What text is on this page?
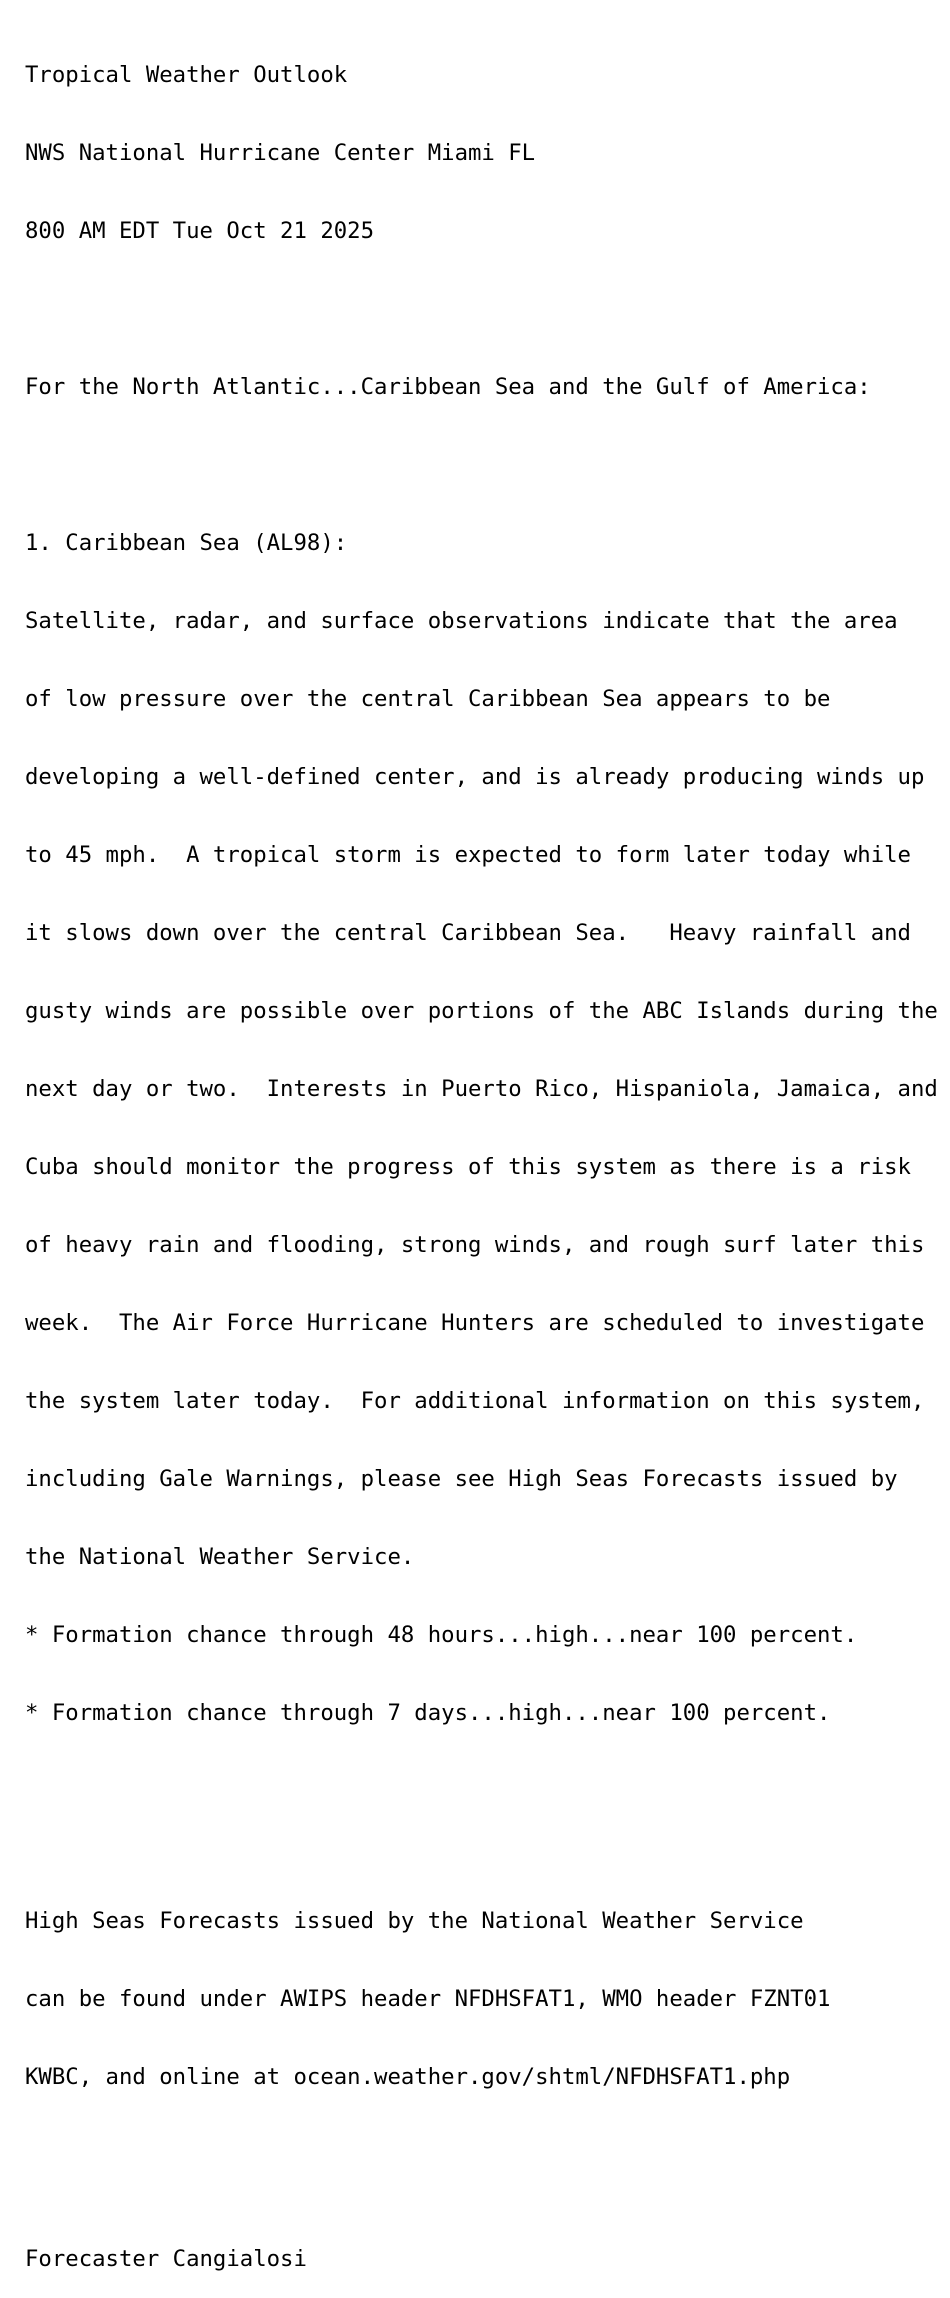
Tropical Weather Outlook

NWS National Hurricane Center Miami FL

800 AM EDT Tue Oct 21 2025

For the North Atlantic...Caribbean Sea and the Gulf of America:

1. Caribbean Sea (AL98):

Satellite, radar, and surface observations indicate that the area

of low pressure over the central Caribbean Sea appears to be

developing a well-defined center, and is already producing winds up

to 45 mph.  A tropical storm is expected to form later today while

it slows down over the central Caribbean Sea.   Heavy rainfall and

gusty winds are possible over portions of the ABC Islands during the

next day or two.  Interests in Puerto Rico, Hispaniola, Jamaica, and

Cuba should monitor the progress of this system as there is a risk

of heavy rain and flooding, strong winds, and rough surf later this

week.  The Air Force Hurricane Hunters are scheduled to investigate

the system later today.  For additional information on this system,

including Gale Warnings, please see High Seas Forecasts issued by

the National Weather Service.

* Formation chance through 48 hours...high...near 100 percent.

* Formation chance through 7 days...high...near 100 percent.

High Seas Forecasts issued by the National Weather Service

can be found under AWIPS header NFDHSFAT1, WMO header FZNT01

KWBC, and online at ocean.weather.gov/shtml/NFDHSFAT1.php

Forecaster Cangialosi
